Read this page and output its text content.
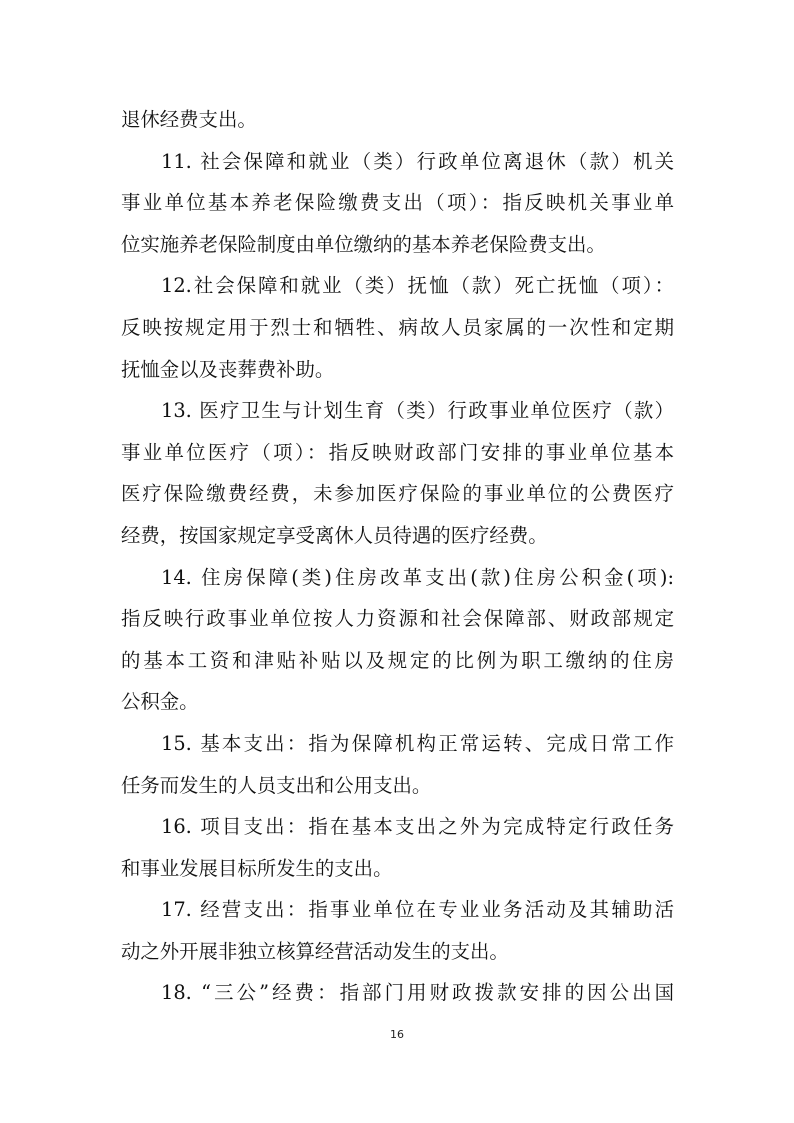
退休经费支出。
11. 社会保障和就业（类）行政单位离退休（款）机关
事业单位基本养老保险缴费支出（项）：指反映机关事业单
位实施养老保险制度由单位缴纳的基本养老保险费支出。
12.社会保障和就业（类）抚恤（款）死亡抚恤（项）：
反映按规定用于烈士和牺牲、病故人员家属的一次性和定期
抚恤金以及丧葬费补助。
13. 医疗卫生与计划生育（类）行政事业单位医疗（款）
事业单位医疗（项）：指反映财政部门安排的事业单位基本
医疗保险缴费经费，未参加医疗保险的事业单位的公费医疗
经费，按国家规定享受离休人员待遇的医疗经费。
14. 住房保障(类)住房改革支出(款)住房公积金(项):
指反映行政事业单位按人力资源和社会保障部、财政部规定
的基本工资和津贴补贴以及规定的比例为职工缴纳的住房
公积金。
15. 基本支出：指为保障机构正常运转、完成日常工作
任务而发生的人员支出和公用支出。
16. 项目支出：指在基本支出之外为完成特定行政任务
和事业发展目标所发生的支出。
17. 经营支出：指事业单位在专业业务活动及其辅助活
动之外开展非独立核算经营活动发生的支出。
18. “三公”经费：指部门用财政拨款安排的因公出国
16
